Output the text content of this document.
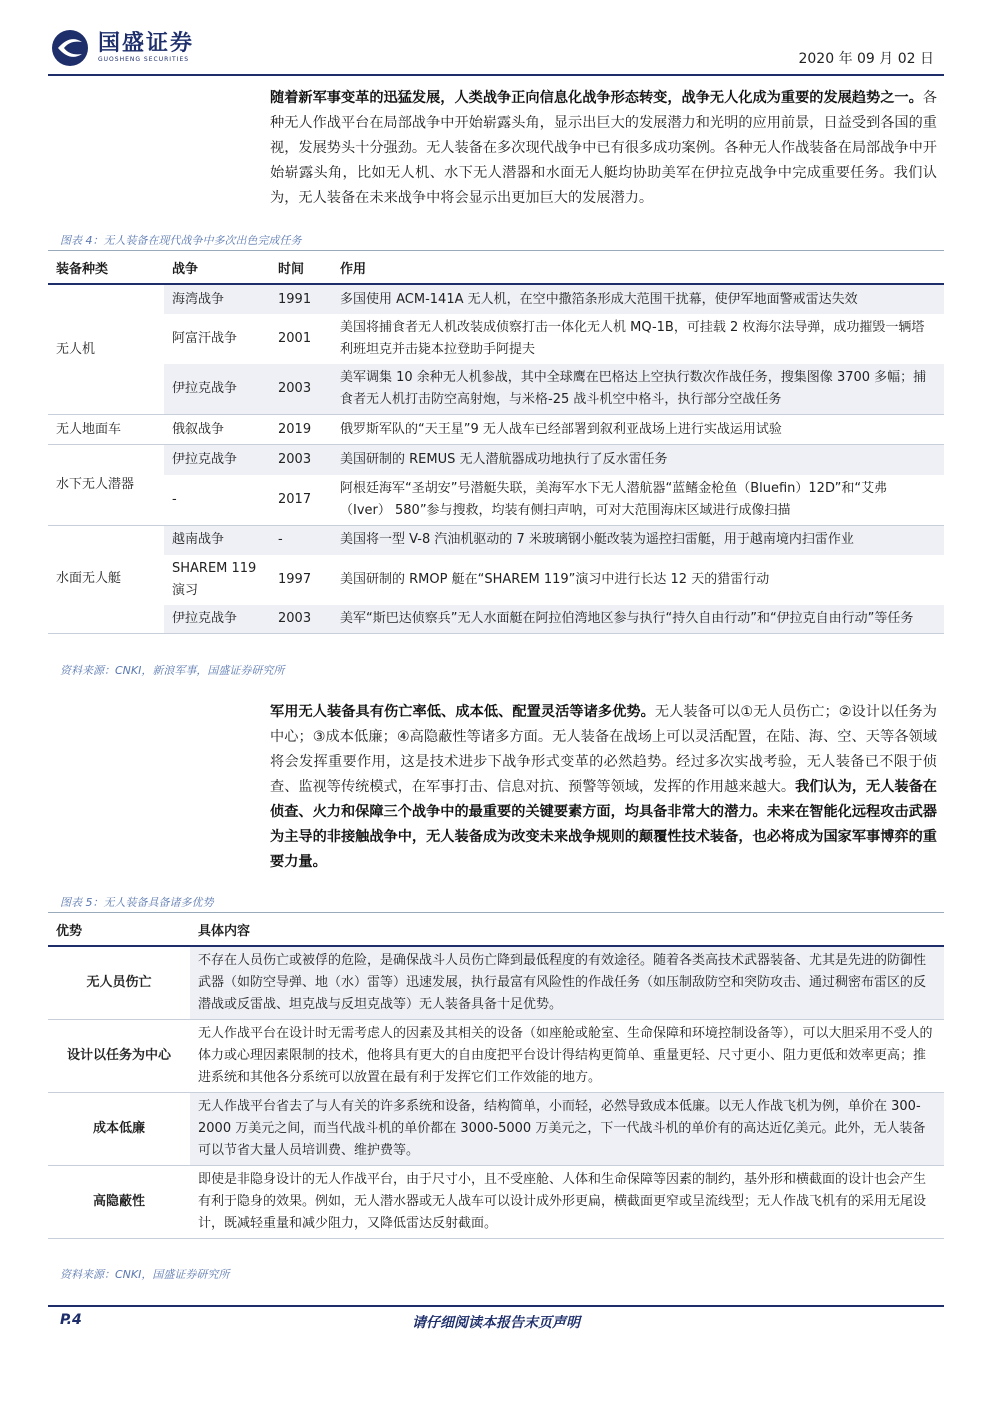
国盛证券
GUOSHENG SECURITIES	2020 年 09 月 02 日
随着新军事变革的迅猛发展，人类战争正向信息化战争形态转变，战争无人化成为重要的发展趋势之一。各种无人作战平台在局部战争中开始崭露头角，显示出巨大的发展潜力和光明的应用前景，日益受到各国的重视，发展势头十分强劲。无人装备在多次现代战争中已有很多成功案例。各种无人作战装备在局部战争中开始崭露头角，比如无人机、水下无人潜器和水面无人艇均协助美军在伊拉克战争中完成重要任务。我们认为，无人装备在未来战争中将会显示出更加巨大的发展潜力。
图表 4：无人装备在现代战争中多次出色完成任务
装备种类	战争	时间	作用
无人机	海湾战争	1991	多国使用 ACM-141A 无人机，在空中撒箔条形成大范围干扰幕，使伊军地面警戒雷达失效
	阿富汗战争	2001	美国将捕食者无人机改装成侦察打击一体化无人机 MQ-1B，可挂载 2 枚海尔法导弹，成功摧毁一辆塔利班坦克并击毙本拉登助手阿提夫
	伊拉克战争	2003	美军调集 10 余种无人机参战，其中全球鹰在巴格达上空执行数次作战任务，搜集图像 3700 多幅；捕食者无人机打击防空高射炮，与米格-25 战斗机空中格斗，执行部分空战任务
无人地面车	俄叙战争	2019	俄罗斯军队的“天王星”9 无人战车已经部署到叙利亚战场上进行实战运用试验
水下无人潜器	伊拉克战争	2003	美国研制的 REMUS 无人潜航器成功地执行了反水雷任务
	-	2017	阿根廷海军“圣胡安”号潜艇失联，美海军水下无人潜航器“蓝鳍金枪鱼（Bluefin）12D”和“艾弗（Iver） 580”参与搜救，均装有侧扫声呐，可对大范围海床区域进行成像扫描
水面无人艇	越南战争	-	美国将一型 V-8 汽油机驱动的 7 米玻璃钢小艇改装为遥控扫雷艇，用于越南境内扫雷作业
	SHAREM 119 演习	1997	美国研制的 RMOP 艇在“SHAREM 119”演习中进行长达 12 天的猎雷行动
	伊拉克战争	2003	美军“斯巴达侦察兵”无人水面艇在阿拉伯湾地区参与执行“持久自由行动”和“伊拉克自由行动”等任务
资料来源：CNKI，新浪军事，国盛证券研究所
军用无人装备具有伤亡率低、成本低、配置灵活等诸多优势。无人装备可以①无人员伤亡；②设计以任务为中心；③成本低廉；④高隐蔽性等诸多方面。无人装备在战场上可以灵活配置，在陆、海、空、天等各领域将会发挥重要作用，这是技术进步下战争形式变革的必然趋势。经过多次实战考验，无人装备已不限于侦查、监视等传统模式，在军事打击、信息对抗、预警等领域，发挥的作用越来越大。我们认为，无人装备在侦查、火力和保障三个战争中的最重要的关键要素方面，均具备非常大的潜力。未来在智能化远程攻击武器为主导的非接触战争中，无人装备成为改变未来战争规则的颠覆性技术装备，也必将成为国家军事博弈的重要力量。
图表 5：无人装备具备诸多优势
优势	具体内容
无人员伤亡	不存在人员伤亡或被俘的危险，是确保战斗人员伤亡降到最低程度的有效途径。随着各类高技术武器装备、尤其是先进的防御性武器（如防空导弹、地（水）雷等）迅速发展，执行最富有风险性的作战任务（如压制敌防空和突防攻击、通过稠密布雷区的反潜战或反雷战、坦克战与反坦克战等）无人装备具备十足优势。
设计以任务为中心	无人作战平台在设计时无需考虑人的因素及其相关的设备（如座舱或舱室、生命保障和环境控制设备等），可以大胆采用不受人的体力或心理因素限制的技术，他将具有更大的自由度把平台设计得结构更简单、重量更轻、尺寸更小、阻力更低和效率更高；推进系统和其他各分系统可以放置在最有利于发挥它们工作效能的地方。
成本低廉	无人作战平台省去了与人有关的许多系统和设备，结构简单，小而轻，必然导致成本低廉。以无人作战飞机为例，单价在 300-2000 万美元之间，而当代战斗机的单价都在 3000-5000 万美元之，下一代战斗机的单价有的高达近亿美元。此外，无人装备可以节省大量人员培训费、维护费等。
高隐蔽性	即使是非隐身设计的无人作战平台，由于尺寸小，且不受座舱、人体和生命保障等因素的制约，基外形和横截面的设计也会产生有利于隐身的效果。例如，无人潜水器或无人战车可以设计成外形更扁，横截面更窄或呈流线型；无人作战飞机有的采用无尾设计，既减轻重量和减少阻力，又降低雷达反射截面。
资料来源：CNKI，国盛证券研究所
P.4	请仔细阅读本报告末页声明
